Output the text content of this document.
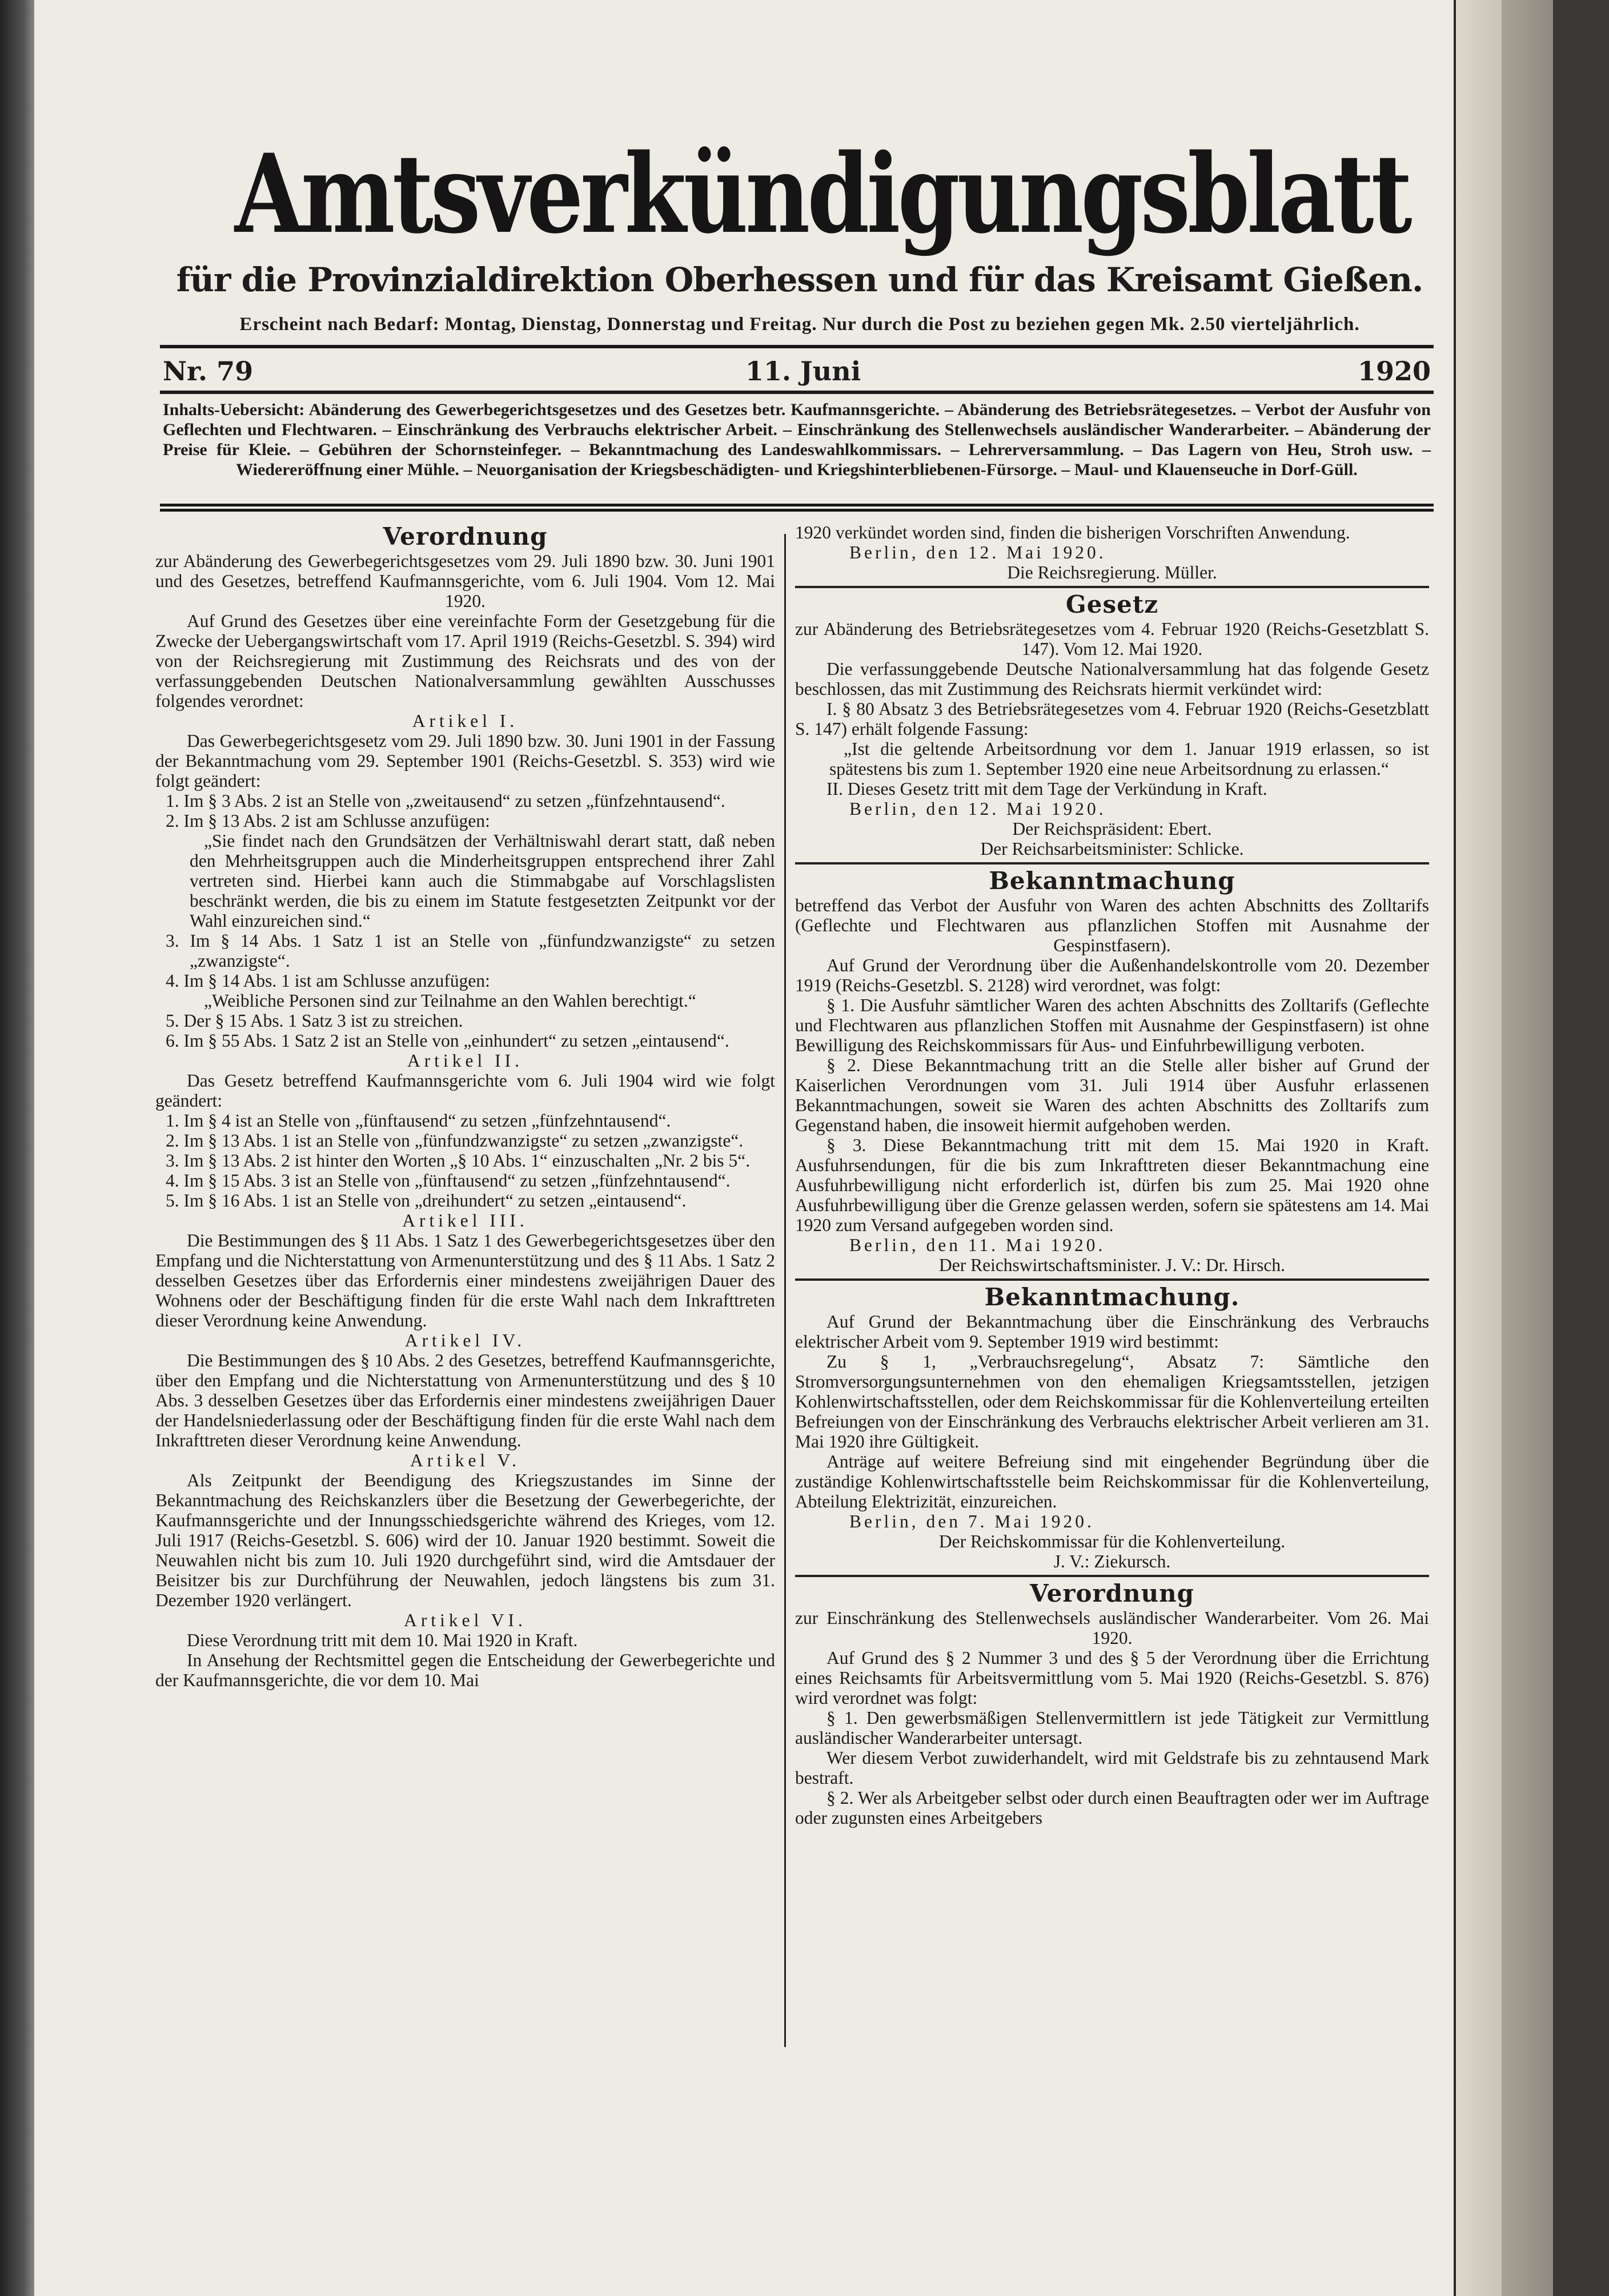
Amtsverkündigungsblatt
für die Provinzialdirektion Oberhessen und für das Kreisamt Gießen.
Erscheint nach Bedarf: Montag, Dienstag, Donnerstag und Freitag. Nur durch die Post zu beziehen gegen Mk. 2.50 vierteljährlich.
Nr. 79	11. Juni	1920
Inhalts-Uebersicht: Abänderung des Gewerbegerichtsgesetzes und des Gesetzes betr. Kaufmannsgerichte. – Abänderung des Betriebsrätegesetzes. – Verbot der Ausfuhr von Geflechten und Flechtwaren. – Einschränkung des Verbrauchs elektrischer Arbeit. – Einschränkung des Stellenwechsels ausländischer Wanderarbeiter. – Abänderung der Preise für Kleie. – Gebühren der Schornsteinfeger. – Bekanntmachung des Landeswahlkommissars. – Lehrerversammlung. – Das Lagern von Heu, Stroh usw. – Wiedereröffnung einer Mühle. – Neuorganisation der Kriegsbeschädigten- und Kriegshinterbliebenen-Fürsorge. – Maul- und Klauenseuche in Dorf-Güll.

Verordnung

zur Abänderung des Gewerbegerichtsgesetzes vom 29. Juli 1890 bzw. 30. Juni 1901 und des Gesetzes, betreffend Kaufmannsgerichte, vom 6. Juli 1904. Vom 12. Mai 1920.

Auf Grund des Gesetzes über eine vereinfachte Form der Gesetzgebung für die Zwecke der Uebergangswirtschaft vom 17. April 1919 (Reichs-Gesetzbl. S. 394) wird von der Reichsregierung mit Zustimmung des Reichsrats und des von der verfassunggebenden Deutschen Nationalversammlung gewählten Ausschusses folgendes verordnet:

Artikel I.

Das Gewerbegerichtsgesetz vom 29. Juli 1890 bzw. 30. Juni 1901 in der Fassung der Bekanntmachung vom 29. September 1901 (Reichs-Gesetzbl. S. 353) wird wie folgt geändert:

1. Im § 3 Abs. 2 ist an Stelle von „zweitausend“ zu setzen „fünfzehntausend“.

2. Im § 13 Abs. 2 ist am Schlusse anzufügen:

„Sie findet nach den Grundsätzen der Verhältniswahl derart statt, daß neben den Mehrheitsgruppen auch die Minderheitsgruppen entsprechend ihrer Zahl vertreten sind. Hierbei kann auch die Stimmabgabe auf Vorschlagslisten beschränkt werden, die bis zu einem im Statute festgesetzten Zeitpunkt vor der Wahl einzureichen sind.“

3. Im § 14 Abs. 1 Satz 1 ist an Stelle von „fünfundzwanzigste“ zu setzen „zwanzigste“.

4. Im § 14 Abs. 1 ist am Schlusse anzufügen:

„Weibliche Personen sind zur Teilnahme an den Wahlen berechtigt.“

5. Der § 15 Abs. 1 Satz 3 ist zu streichen.

6. Im § 55 Abs. 1 Satz 2 ist an Stelle von „einhundert“ zu setzen „eintausend“.

Artikel II.

Das Gesetz betreffend Kaufmannsgerichte vom 6. Juli 1904 wird wie folgt geändert:

1. Im § 4 ist an Stelle von „fünftausend“ zu setzen „fünfzehntausend“.

2. Im § 13 Abs. 1 ist an Stelle von „fünfundzwanzigste“ zu setzen „zwanzigste“.

3. Im § 13 Abs. 2 ist hinter den Worten „§ 10 Abs. 1“ einzuschalten „Nr. 2 bis 5“.

4. Im § 15 Abs. 3 ist an Stelle von „fünftausend“ zu setzen „fünfzehntausend“.

5. Im § 16 Abs. 1 ist an Stelle von „dreihundert“ zu setzen „eintausend“.

Artikel III.

Die Bestimmungen des § 11 Abs. 1 Satz 1 des Gewerbegerichtsgesetzes über den Empfang und die Nichterstattung von Armenunterstützung und des § 11 Abs. 1 Satz 2 desselben Gesetzes über das Erfordernis einer mindestens zweijährigen Dauer des Wohnens oder der Beschäftigung finden für die erste Wahl nach dem Inkrafttreten dieser Verordnung keine Anwendung.

Artikel IV.

Die Bestimmungen des § 10 Abs. 2 des Gesetzes, betreffend Kaufmannsgerichte, über den Empfang und die Nichterstattung von Armenunterstützung und des § 10 Abs. 3 desselben Gesetzes über das Erfordernis einer mindestens zweijährigen Dauer der Handelsniederlassung oder der Beschäftigung finden für die erste Wahl nach dem Inkrafttreten dieser Verordnung keine Anwendung.

Artikel V.

Als Zeitpunkt der Beendigung des Kriegszustandes im Sinne der Bekanntmachung des Reichskanzlers über die Besetzung der Gewerbegerichte, der Kaufmannsgerichte und der Innungsschiedsgerichte während des Krieges, vom 12. Juli 1917 (Reichs-Gesetzbl. S. 606) wird der 10. Januar 1920 bestimmt. Soweit die Neuwahlen nicht bis zum 10. Juli 1920 durchgeführt sind, wird die Amtsdauer der Beisitzer bis zur Durchführung der Neuwahlen, jedoch längstens bis zum 31. Dezember 1920 verlängert.

Artikel VI.

Diese Verordnung tritt mit dem 10. Mai 1920 in Kraft.

In Ansehung der Rechtsmittel gegen die Entscheidung der Gewerbegerichte und der Kaufmannsgerichte, die vor dem 10. Mai

1920 verkündet worden sind, finden die bisherigen Vorschriften Anwendung.

Berlin, den 12. Mai 1920.

Die Reichsregierung. Müller.

Gesetz

zur Abänderung des Betriebsrätegesetzes vom 4. Februar 1920 (Reichs-Gesetzblatt S. 147). Vom 12. Mai 1920.

Die verfassunggebende Deutsche Nationalversammlung hat das folgende Gesetz beschlossen, das mit Zustimmung des Reichsrats hiermit verkündet wird:

I. § 80 Absatz 3 des Betriebsrätegesetzes vom 4. Februar 1920 (Reichs-Gesetzblatt S. 147) erhält folgende Fassung:

„Ist die geltende Arbeitsordnung vor dem 1. Januar 1919 erlassen, so ist spätestens bis zum 1. September 1920 eine neue Arbeitsordnung zu erlassen.“

II. Dieses Gesetz tritt mit dem Tage der Verkündung in Kraft.

Berlin, den 12. Mai 1920.

Der Reichspräsident: Ebert.

Der Reichsarbeitsminister: Schlicke.

Bekanntmachung

betreffend das Verbot der Ausfuhr von Waren des achten Abschnitts des Zolltarifs (Geflechte und Flechtwaren aus pflanzlichen Stoffen mit Ausnahme der Gespinstfasern).

Auf Grund der Verordnung über die Außenhandelskontrolle vom 20. Dezember 1919 (Reichs-Gesetzbl. S. 2128) wird verordnet, was folgt:

§ 1. Die Ausfuhr sämtlicher Waren des achten Abschnitts des Zolltarifs (Geflechte und Flechtwaren aus pflanzlichen Stoffen mit Ausnahme der Gespinstfasern) ist ohne Bewilligung des Reichskommissars für Aus- und Einfuhrbewilligung verboten.

§ 2. Diese Bekanntmachung tritt an die Stelle aller bisher auf Grund der Kaiserlichen Verordnungen vom 31. Juli 1914 über Ausfuhr erlassenen Bekanntmachungen, soweit sie Waren des achten Abschnitts des Zolltarifs zum Gegenstand haben, die insoweit hiermit aufgehoben werden.

§ 3. Diese Bekanntmachung tritt mit dem 15. Mai 1920 in Kraft. Ausfuhrsendungen, für die bis zum Inkrafttreten dieser Bekanntmachung eine Ausfuhrbewilligung nicht erforderlich ist, dürfen bis zum 25. Mai 1920 ohne Ausfuhrbewilligung über die Grenze gelassen werden, sofern sie spätestens am 14. Mai 1920 zum Versand aufgegeben worden sind.

Berlin, den 11. Mai 1920.

Der Reichswirtschaftsminister. J. V.: Dr. Hirsch.

Bekanntmachung.

Auf Grund der Bekanntmachung über die Einschränkung des Verbrauchs elektrischer Arbeit vom 9. September 1919 wird bestimmt:

Zu § 1, „Verbrauchsregelung“, Absatz 7: Sämtliche den Stromversorgungsunternehmen von den ehemaligen Kriegsamtsstellen, jetzigen Kohlenwirtschaftsstellen, oder dem Reichskommissar für die Kohlenverteilung erteilten Befreiungen von der Einschränkung des Verbrauchs elektrischer Arbeit verlieren am 31. Mai 1920 ihre Gültigkeit.

Anträge auf weitere Befreiung sind mit eingehender Begründung über die zuständige Kohlenwirtschaftsstelle beim Reichskommissar für die Kohlenverteilung, Abteilung Elektrizität, einzureichen.

Berlin, den 7. Mai 1920.

Der Reichskommissar für die Kohlenverteilung.

J. V.: Ziekursch.

Verordnung

zur Einschränkung des Stellenwechsels ausländischer Wanderarbeiter. Vom 26. Mai 1920.

Auf Grund des § 2 Nummer 3 und des § 5 der Verordnung über die Errichtung eines Reichsamts für Arbeitsvermittlung vom 5. Mai 1920 (Reichs-Gesetzbl. S. 876) wird verordnet was folgt:

§ 1. Den gewerbsmäßigen Stellenvermittlern ist jede Tätigkeit zur Vermittlung ausländischer Wanderarbeiter untersagt.

Wer diesem Verbot zuwiderhandelt, wird mit Geldstrafe bis zu zehntausend Mark bestraft.

§ 2. Wer als Arbeitgeber selbst oder durch einen Beauftragten oder wer im Auftrage oder zugunsten eines Arbeitgebers
